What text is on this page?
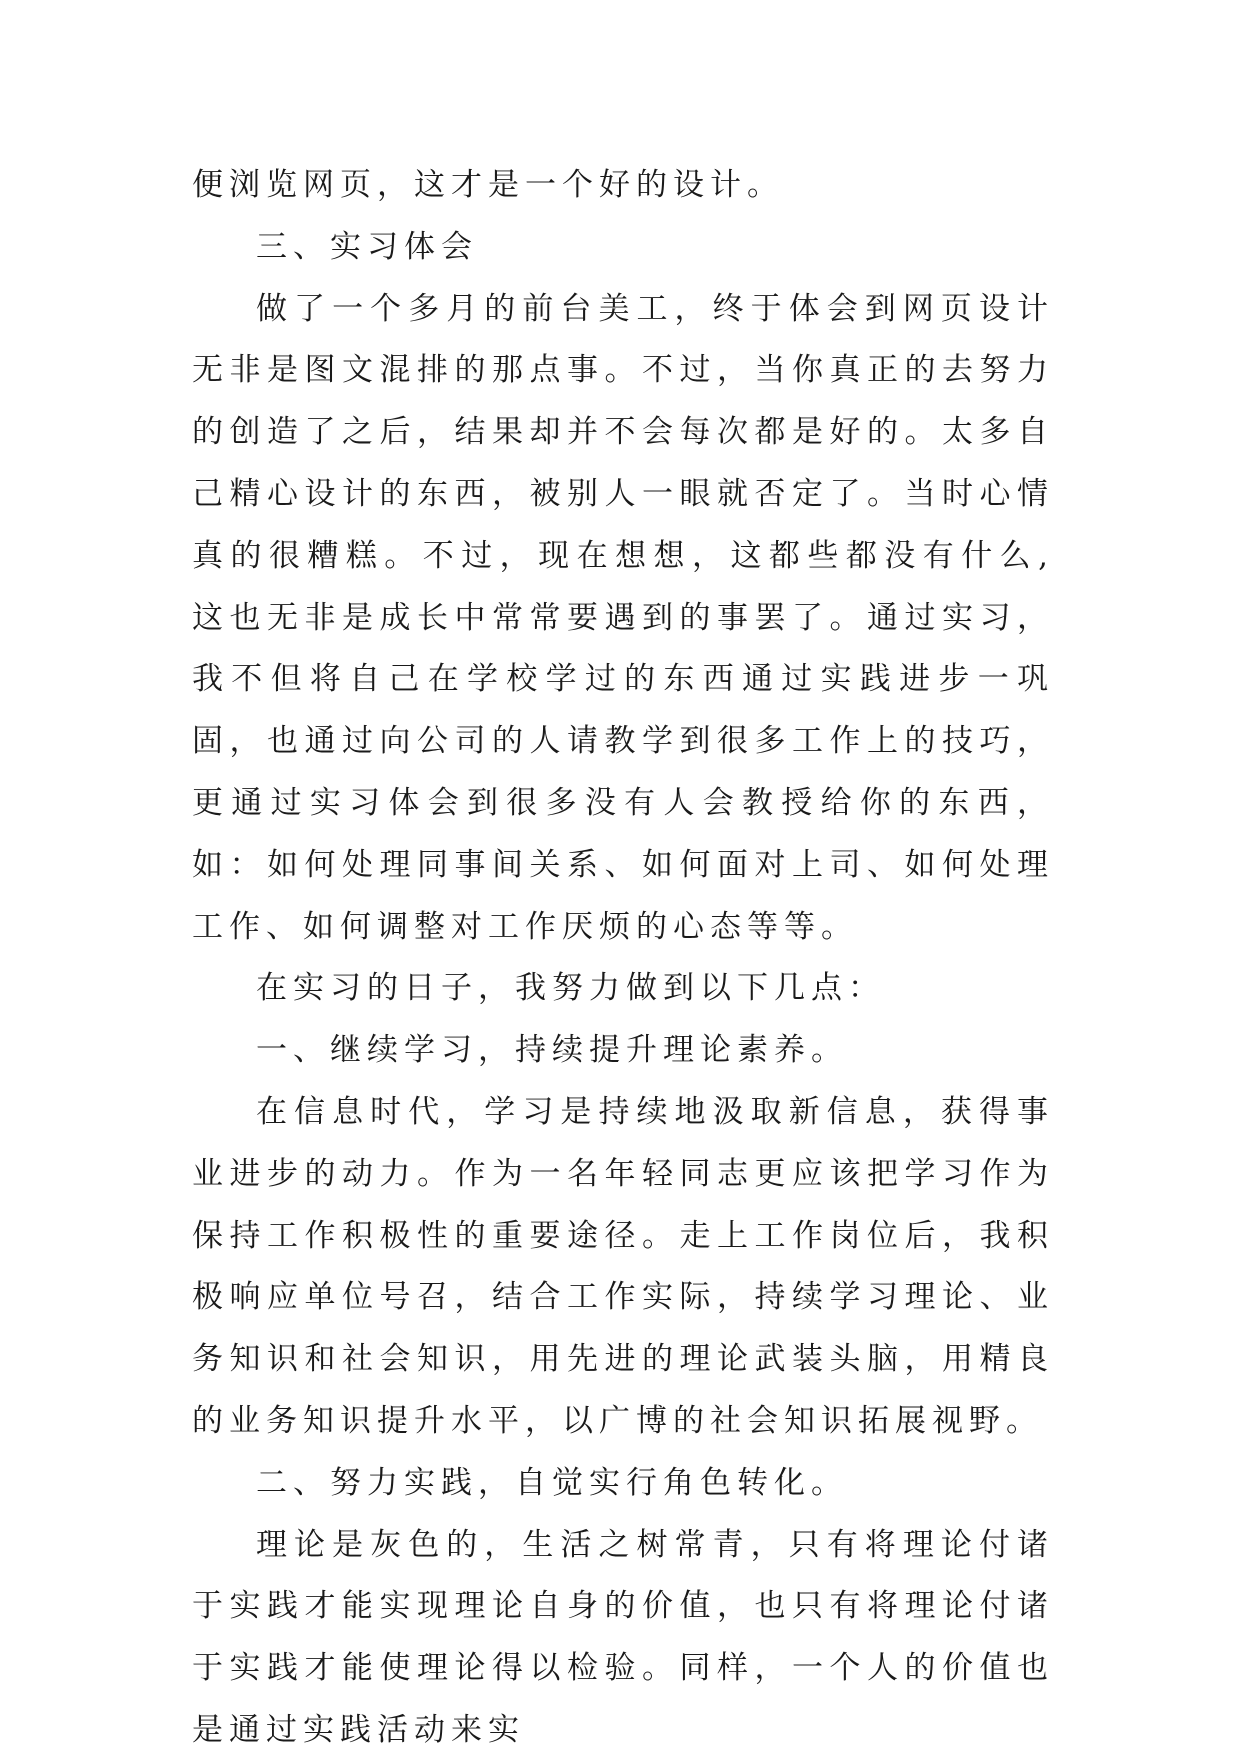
便浏览网页，这才是一个好的设计。

三、实习体会

做了一个多月的前台美工，终于体会到网页设计无非是图文混排的那点事。不过，当你真正的去努力的创造了之后，结果却并不会每次都是好的。太多自己精心设计的东西，被别人一眼就否定了。当时心情真的很糟糕。不过，现在想想，这都些都没有什么,这也无非是成长中常常要遇到的事罢了。通过实习，我不但将自己在学校学过的东西通过实践进步一巩固，也通过向公司的人请教学到很多工作上的技巧，更通过实习体会到很多没有人会教授给你的东西，如：如何处理同事间关系、如何面对上司、如何处理工作、如何调整对工作厌烦的心态等等。

在实习的日子，我努力做到以下几点：

一、继续学习，持续提升理论素养。

在信息时代，学习是持续地汲取新信息，获得事业进步的动力。作为一名年轻同志更应该把学习作为保持工作积极性的重要途径。走上工作岗位后，我积极响应单位号召，结合工作实际，持续学习理论、业务知识和社会知识，用先进的理论武装头脑，用精良的业务知识提升水平，以广博的社会知识拓展视野。

二、努力实践，自觉实行角色转化。

理论是灰色的，生活之树常青，只有将理论付诸于实践才能实现理论自身的价值，也只有将理论付诸于实践才能使理论得以检验。同样，一个人的价值也是通过实践活动来实
